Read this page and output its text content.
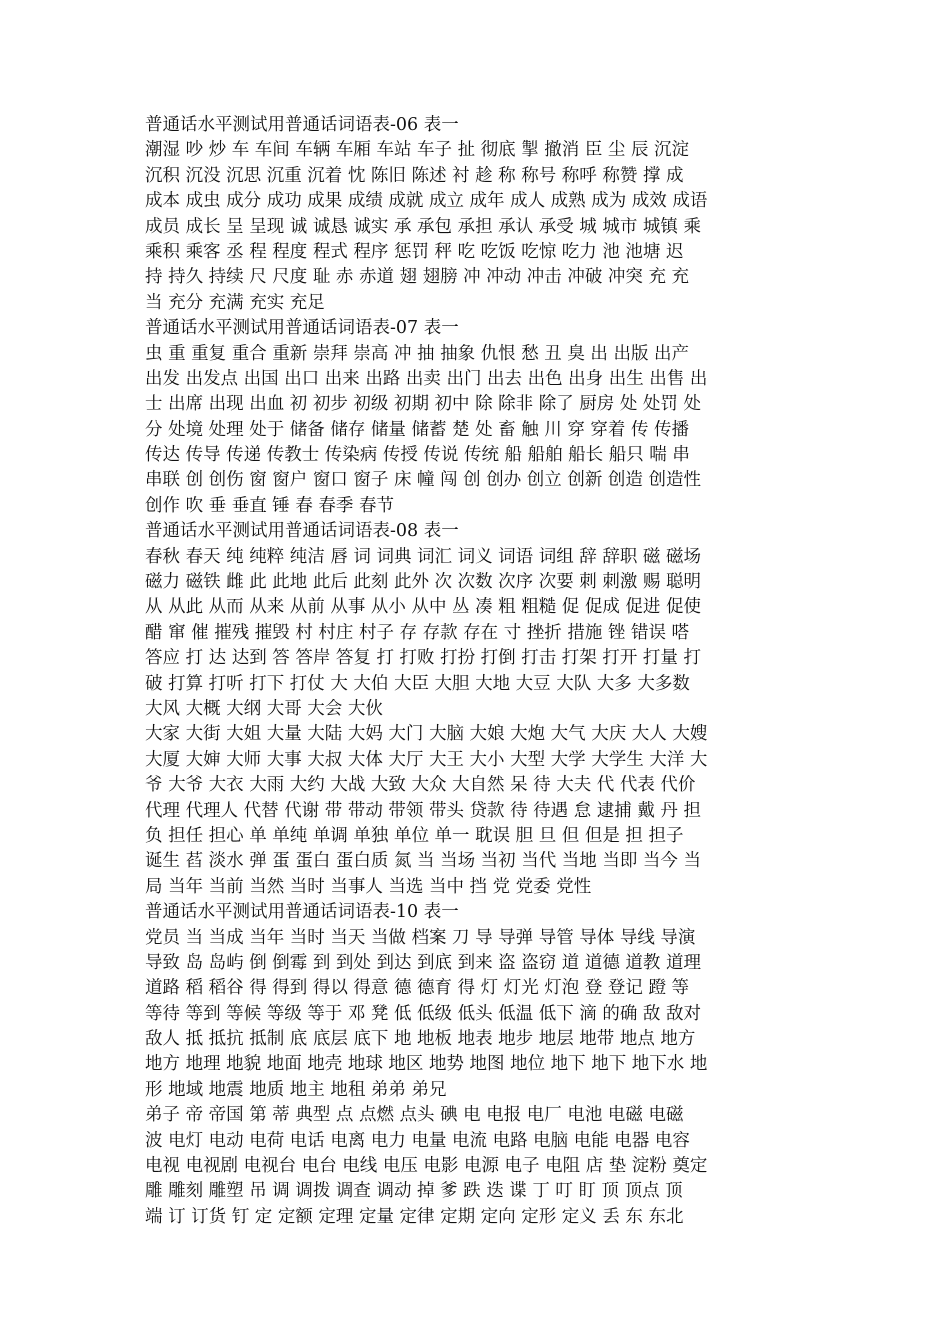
普通话水平测试用普通话词语表-06 表一
潮湿 吵 炒 车 车间 车辆 车厢 车站 车子 扯 彻底 掣 撤消 臣 尘 辰 沉淀
沉积 沉没 沉思 沉重 沉着 忱 陈旧 陈述 衬 趁 称 称号 称呼 称赞 撑 成
成本 成虫 成分 成功 成果 成绩 成就 成立 成年 成人 成熟 成为 成效 成语
成员 成长 呈 呈现 诚 诚恳 诚实 承 承包 承担 承认 承受 城 城市 城镇 乘
乘积 乘客 丞 程 程度 程式 程序 惩罚 秤 吃 吃饭 吃惊 吃力 池 池塘 迟
持 持久 持续 尺 尺度 耻 赤 赤道 翅 翅膀 冲 冲动 冲击 冲破 冲突 充 充
当 充分 充满 充实 充足
普通话水平测试用普通话词语表-07 表一
虫 重 重复 重合 重新 崇拜 崇高 冲 抽 抽象 仇恨 愁 丑 臭 出 出版 出产
出发 出发点 出国 出口 出来 出路 出卖 出门 出去 出色 出身 出生 出售 出
士 出席 出现 出血 初 初步 初级 初期 初中 除 除非 除了 厨房 处 处罚 处
分 处境 处理 处于 储备 储存 储量 储蓄 楚 处 畜 触 川 穿 穿着 传 传播
传达 传导 传递 传教士 传染病 传授 传说 传统 船 船舶 船长 船只 喘 串
串联 创 创伤 窗 窗户 窗口 窗子 床 幢 闯 创 创办 创立 创新 创造 创造性
创作 吹 垂 垂直 锤 春 春季 春节
普通话水平测试用普通话词语表-08 表一
春秋 春天 纯 纯粹 纯洁 唇 词 词典 词汇 词义 词语 词组 辞 辞职 磁 磁场
磁力 磁铁 雌 此 此地 此后 此刻 此外 次 次数 次序 次要 刺 刺激 赐 聪明
从 从此 从而 从来 从前 从事 从小 从中 丛 凑 粗 粗糙 促 促成 促进 促使
醋 窜 催 摧残 摧毁 村 村庄 村子 存 存款 存在 寸 挫折 措施 锉 错误 嗒
答应 打 达 达到 答 答岸 答复 打 打败 打扮 打倒 打击 打架 打开 打量 打
破 打算 打听 打下 打仗 大 大伯 大臣 大胆 大地 大豆 大队 大多 大多数
大风 大概 大纲 大哥 大会 大伙
大家 大街 大姐 大量 大陆 大妈 大门 大脑 大娘 大炮 大气 大庆 大人 大嫂
大厦 大婶 大师 大事 大叔 大体 大厅 大王 大小 大型 大学 大学生 大洋 大
爷 大爷 大衣 大雨 大约 大战 大致 大众 大自然 呆 待 大夫 代 代表 代价
代理 代理人 代替 代谢 带 带动 带领 带头 贷款 待 待遇 怠 逮捕 戴 丹 担
负 担任 担心 单 单纯 单调 单独 单位 单一 耽误 胆 旦 但 但是 担 担子
诞生 萏 淡水 弹 蛋 蛋白 蛋白质 氮 当 当场 当初 当代 当地 当即 当今 当
局 当年 当前 当然 当时 当事人 当选 当中 挡 党 党委 党性
普通话水平测试用普通话词语表-10 表一
党员 当 当成 当年 当时 当天 当做 档案 刀 导 导弹 导管 导体 导线 导演
导致 岛 岛屿 倒 倒霉 到 到处 到达 到底 到来 盗 盗窃 道 道德 道教 道理
道路 稻 稻谷 得 得到 得以 得意 德 德育 得 灯 灯光 灯泡 登 登记 蹬 等
等待 等到 等候 等级 等于 邓 凳 低 低级 低头 低温 低下 滴 的确 敌 敌对
敌人 抵 抵抗 抵制 底 底层 底下 地 地板 地表 地步 地层 地带 地点 地方
地方 地理 地貌 地面 地壳 地球 地区 地势 地图 地位 地下 地下 地下水 地
形 地域 地震 地质 地主 地租 弟弟 弟兄
弟子 帝 帝国 第 蒂 典型 点 点燃 点头 碘 电 电报 电厂 电池 电磁 电磁
波 电灯 电动 电荷 电话 电离 电力 电量 电流 电路 电脑 电能 电器 电容
电视 电视剧 电视台 电台 电线 电压 电影 电源 电子 电阻 店 垫 淀粉 奠定
雕 雕刻 雕塑 吊 调 调拨 调查 调动 掉 爹 跌 迭 谍 丁 叮 盯 顶 顶点 顶
端 订 订货 钉 定 定额 定理 定量 定律 定期 定向 定形 定义 丢 东 东北
